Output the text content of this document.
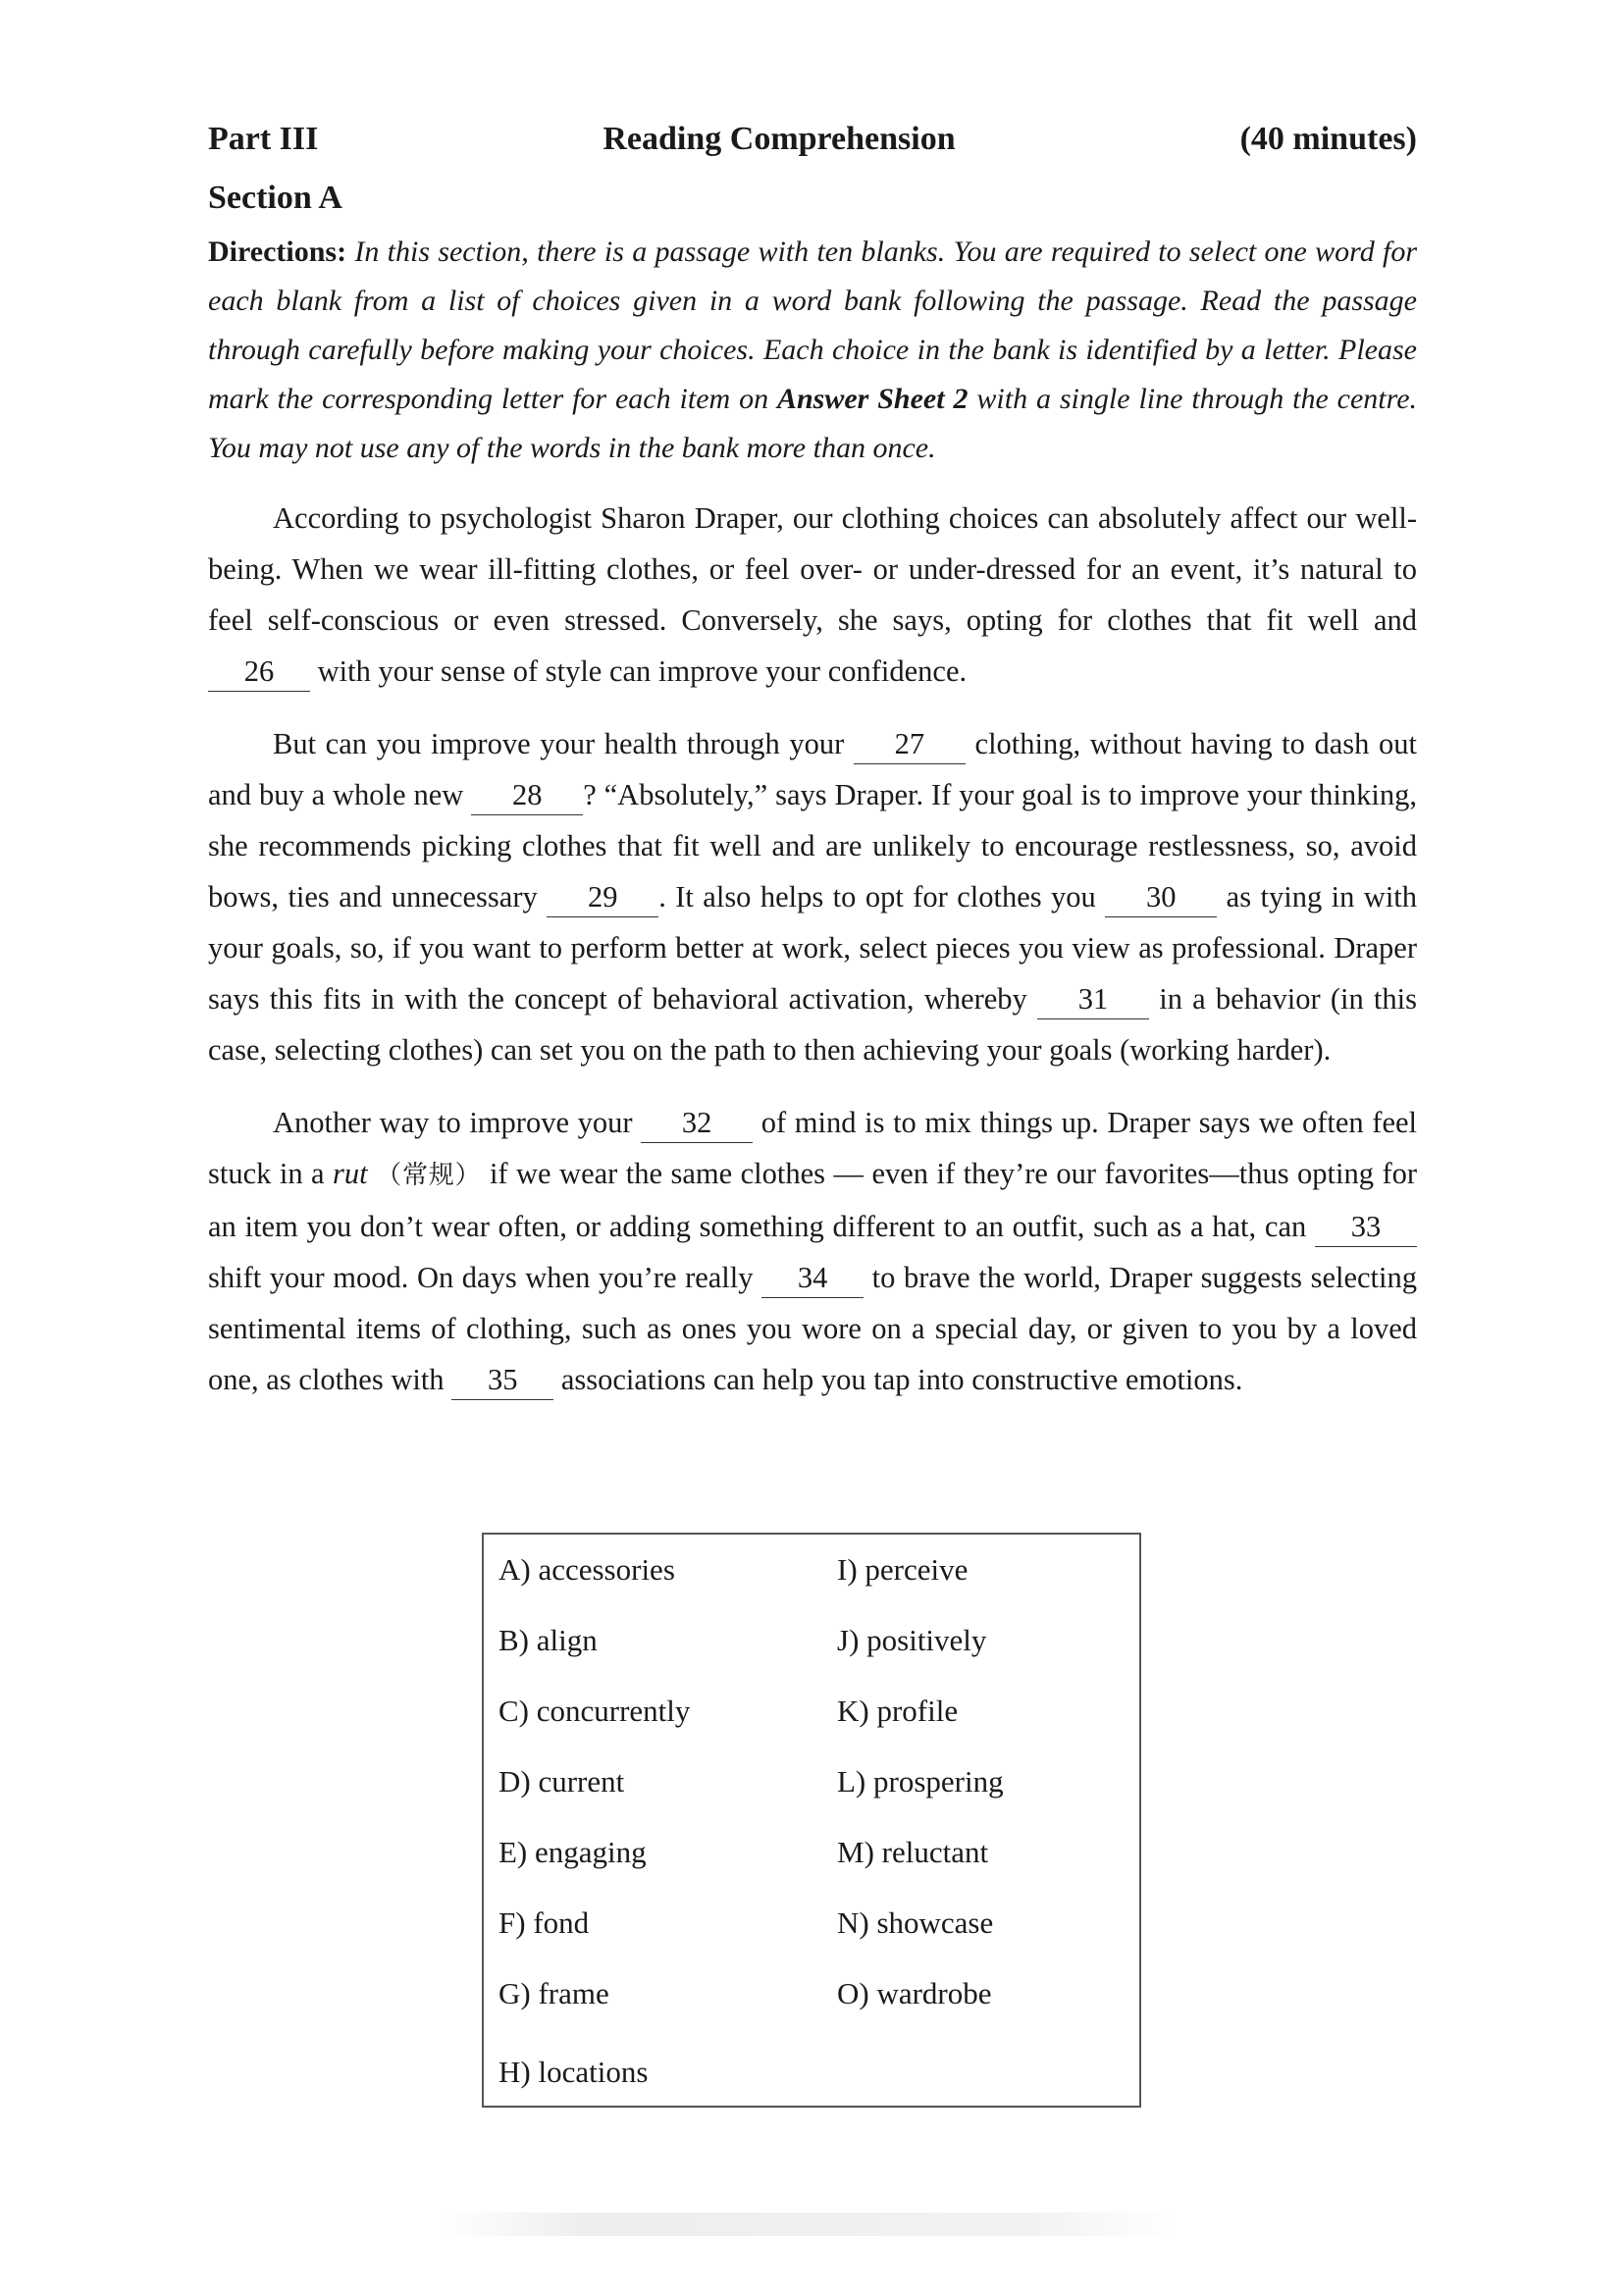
Part III	Reading Comprehension	(40 minutes)
Section A
Directions: In this section, there is a passage with ten blanks. You are required to select one word for each blank from a list of choices given in a word bank following the passage. Read the passage through carefully before making your choices. Each choice in the bank is identified by a letter. Please mark the corresponding letter for each item on Answer Sheet 2 with a single line through the centre. You may not use any of the words in the bank more than once.

According to psychologist Sharon Draper, our clothing choices can absolutely affect our well-being. When we wear ill-fitting clothes, or feel over- or under-dressed for an event, it’s natural to feel self-conscious or even stressed. Conversely, she says, opting for clothes that fit well and 26 with your sense of style can improve your confidence.

But can you improve your health through your 27 clothing, without having to dash out and buy a whole new 28 ? “Absolutely,” says Draper. If your goal is to improve your thinking, she recommends picking clothes that fit well and are unlikely to encourage restlessness, so, avoid bows, ties and unnecessary 29 . It also helps to opt for clothes you 30 as tying in with your goals, so, if you want to perform better at work, select pieces you view as professional. Draper says this fits in with the concept of behavioral activation, whereby 31 in a behavior (in this case, selecting clothes) can set you on the path to then achieving your goals (working harder).

Another way to improve your 32 of mind is to mix things up. Draper says we often feel stuck in a rut （常规） if we wear the same clothes — even if they’re our favorites—thus opting for an item you don’t wear often, or adding something different to an outfit, such as a hat, can 33 shift your mood. On days when you’re really 34 to brave the world, Draper suggests selecting sentimental items of clothing, such as ones you wore on a special day, or given to you by a loved one, as clothes with 35 associations can help you tap into constructive emotions.

A) accessories
B) align
C) concurrently
D) current
E) engaging
F) fond
G) frame
H) locations
I) perceive
J) positively
K) profile
L) prospering
M) reluctant
N) showcase
O) wardrobe
